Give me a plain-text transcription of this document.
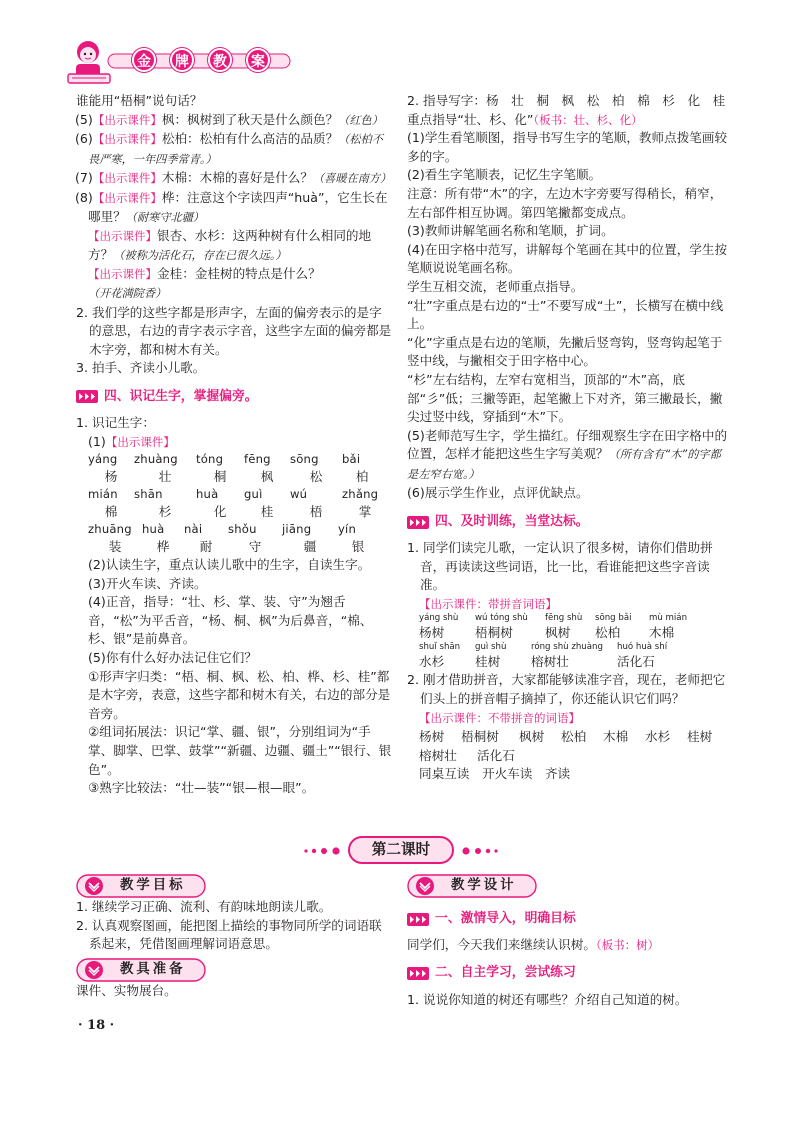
金	牌	教	案
谁能用“梧桐”说句话？
(5)【出示课件】枫：枫树到了秋天是什么颜色？（红色）
(6)【出示课件】松柏：松柏有什么高洁的品质？（松柏不畏严寒，一年四季常青。）
(7)【出示课件】木棉：木棉的喜好是什么？（喜暖在南方）
(8)【出示课件】桦：注意这个字读四声“huà”，它生长在哪里？（耐寒守北疆）
【出示课件】银杏、水杉：这两种树有什么相同的地方？（被称为活化石，存在已很久远。）
【出示课件】金桂：金桂树的特点是什么？（开花满院香）
2. 我们学的这些字都是形声字，左面的偏旁表示的是字的意思，右边的青字表示字音，这些字左面的偏旁都是木字旁，都和树木有关。
3. 拍手、齐读小儿歌。
四、识记生字，掌握偏旁。
1. 识记生字：
(1)【出示课件】
yáng	zhuàng	tóng	fēng	sōng	bǎi
杨	壮	桐	枫	松	柏
mián	shān	huà	guì	wú	zhǎng
棉	杉	化	桂	梧	掌
zhuāng huà	nài	shǒu	jiāng	yín
装	桦	耐	守	疆	银
(2)认读生字，重点认读儿歌中的生字，自读生字。
(3)开火车读、齐读。
(4)正音，指导：“壮、杉、掌、装、守”为翘舌音，“松”为平舌音，“杨、桐、枫”为后鼻音，“棉、杉、银”是前鼻音。
(5)你有什么好办法记住它们？
①形声字归类：“梧、桐、枫、松、柏、桦、杉、桂”都是木字旁，表意，这些字都和树木有关，右边的部分是音旁。
②组词拓展法：识记“掌、疆、银”，分别组词为“手掌、脚掌、巴掌、鼓掌”“新疆、边疆、疆土”“银行、银色”。
③熟字比较法：“壮—装”“银—根—眼”。
2. 指导写字：杨　壮　桐　枫　松　柏　棉　杉　化　桂
重点指导“壮、杉、化”（板书：壮、杉、化）
(1)学生看笔顺图，指导书写生字的笔顺，教师点拨笔画较多的字。
(2)看生字笔顺表，记忆生字笔顺。
注意：所有带“木”的字，左边木字旁要写得稍长，稍窄，左右部件相互协调。第四笔撇都变成点。
(3)教师讲解笔画名称和笔顺，扩词。
(4)在田字格中范写，讲解每个笔画在其中的位置，学生按笔顺说说笔画名称。
学生互相交流，老师重点指导。
“壮”字重点是右边的“士”不要写成“土”，长横写在横中线上。
“化”字重点是右边的笔顺，先撇后竖弯钩，竖弯钩起笔于竖中线，与撇相交于田字格中心。
“杉”左右结构，左窄右宽相当，顶部的“木”高，底部“彡”低；三撇等距，起笔撇上下对齐，第三撇最长，撇尖过竖中线，穿插到“木”下。
(5)老师范写生字，学生描红。仔细观察生字在田字格中的位置，怎样才能把这些生字写美观？（所有含有“木”的字都是左窄右宽。）
(6)展示学生作业，点评优缺点。
四、及时训练，当堂达标。
1. 同学们读完儿歌，一定认识了很多树，请你们借助拼音，再读读这些词语，比一比，看谁能把这些字音读准。
【出示课件：带拼音词语】
yáng shù	wú tóng shù	fēng shù	sōng bǎi	mù mián
杨树	梧桐树	枫树	松柏	木棉
shuǐ shān	guì shù	róng shù zhuàng	huó huà shí
水杉	桂树	榕树壮	活化石
2. 刚才借助拼音，大家都能够读准字音，现在，老师把它们头上的拼音帽子摘掉了，你还能认识它们吗？
【出示课件：不带拼音的词语】
杨树	梧桐树	枫树	松柏	木棉	水杉	桂树
榕树壮	活化石
同桌互读　开火车读　齐读
第二课时
教学目标
1. 继续学习正确、流利、有韵味地朗读儿歌。
2. 认真观察图画，能把图上描绘的事物同所学的词语联系起来，凭借图画理解词语意思。
课件、实物展台。
教具准备
教学设计
一、激情导入，明确目标
同学们，今天我们来继续认识树。（板书：树）
二、自主学习，尝试练习
1. 说说你知道的树还有哪些？介绍自己知道的树。
· 18 ·
